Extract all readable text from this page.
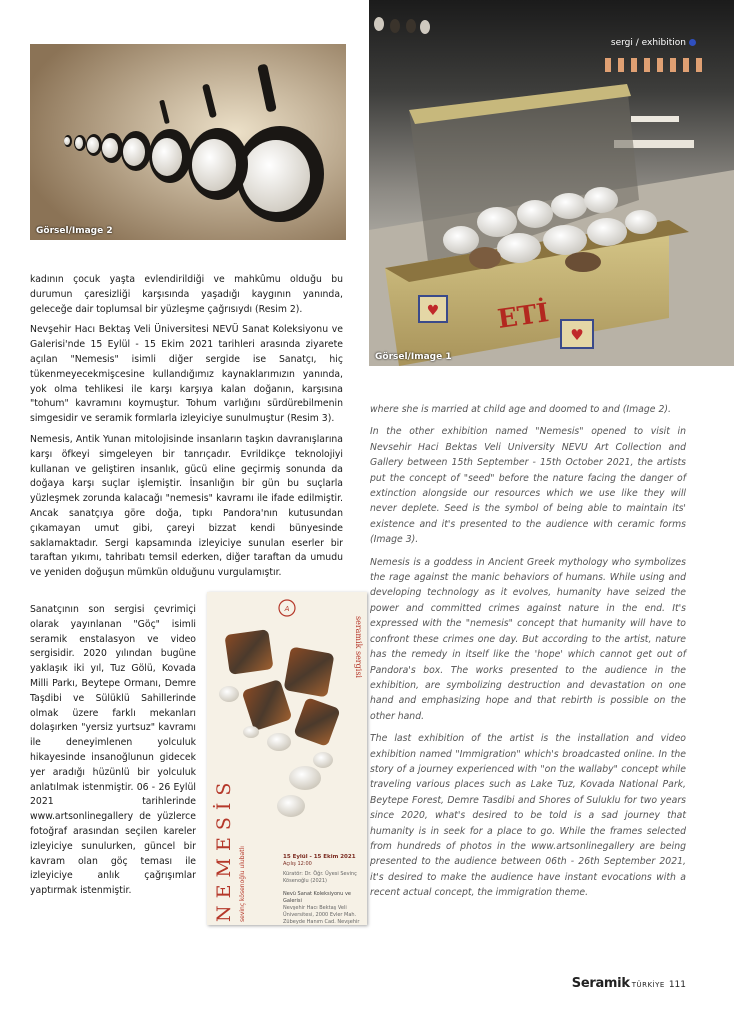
Görsel/Image 2
♥
♥
ETİ
sergi / exhibition
Görsel/Image 1

kadının çocuk yaşta evlendirildiği ve mahkûmu olduğu bu durumun çaresizliği karşısında yaşadığı kaygının yanında, geleceğe dair toplumsal bir yüzleşme çağrısıydı (Resim 2).

Nevşehir Hacı Bektaş Veli Üniversitesi NEVÜ Sanat Koleksiyonu ve Galerisi'nde 15 Eylül - 15 Ekim 2021 tarihleri arasında ziyarete açılan "Nemesis" isimli diğer sergide ise Sanatçı, hiç tükenmeyecekmişcesine kullandığımız kaynaklarımızın yanında, yok olma tehlikesi ile karşı karşıya kalan doğanın, karşısına "tohum" kavramını koymuştur. Tohum varlığını sürdürebilmenin simgesidir ve seramik formlarla izleyiciye sunulmuştur (Resim 3).

Nemesis, Antik Yunan mitolojisinde insanların taşkın davranışlarına karşı öfkeyi simgeleyen bir tanrıçadır. Evrildikçe teknolojiyi kullanan ve geliştiren insanlık, gücü eline geçirmiş sonunda da doğaya karşı suçlar işlemiştir. İnsanlığın bir gün bu suçlarla yüzleşmek zorunda kalacağı "nemesis" kavramı ile ifade edilmiştir. Ancak sanatçıya göre doğa, tıpkı Pandora'nın kutusundan çıkamayan umut gibi, çareyi bizzat kendi bünyesinde saklamaktadır. Sergi kapsamında izleyiciye sunulan eserler bir taraftan yıkımı, tahribatı temsil ederken, diğer taraftan da umudu ve yeniden doğuşun mümkün olduğunu vurgulamıştır.

Sanatçının son sergisi çevrimiçi olarak yayınlanan "Göç" isimli seramik enstalasyon ve video sergisidir. 2020 yılından bugüne yaklaşık iki yıl, Tuz Gölü, Kovada Milli Parkı, Beytepe Ormanı, Demre Taşdibi ve Sülüklü Sahillerinde olmak üzere farklı mekanları dolaşırken "yersiz yurtsuz" kavramı ile deneyimlenen yolculuk hikayesinde insanoğlunun gidecek yer aradığı hüzünlü bir yolculuk anlatılmak istenmiştir. 06 - 26 Eylül 2021 tarihlerinde www.artsonlinegallery de yüzlerce fotoğraf arasından seçilen kareler izleyiciye sunulurken, güncel bir kavram olan göç teması ile izleyiciye anlık çağrışımlar yaptırmak istenmiştir.

A
NEMESİS sevinç kösenoğlu ulubatlı
seramik sergisi
15 Eylül - 15 Ekim 2021
Açılış 12:00
Küratör: Dr. Öğr. Üyesi Sevinç Kösenoğlu (2021)
Nevü Sanat Koleksiyonu ve Galerisi
Nevşehir Hacı Bektaş Veli Üniversitesi, 2000 Evler Mah. Zübeyde Hanım Cad. Nevşehir

where she is married at child age and doomed to and (Image 2).

In the other exhibition named "Nemesis" opened to visit in Nevsehir Haci Bektas Veli University NEVU Art Collection and Gallery between 15th September - 15th October 2021, the artists put the concept of "seed" before the nature facing the danger of extinction alongside our resources which we use like they will never deplete. Seed is the symbol of being able to maintain its' existence and it's presented to the audience with ceramic forms (Image 3).

Nemesis is a goddess in Ancient Greek mythology who symbolizes the rage against the manic behaviors of humans. While using and developing technology as it evolves, humanity have seized the power and committed crimes against nature in the end. It's expressed with the "nemesis" concept that humanity will have to confront these crimes one day. But according to the artist, nature has the remedy in itself like the 'hope' which cannot get out of Pandora's box. The works presented to the audience in the exhibition, are symbolizing destruction and devastation on one hand and emphasizing hope and that rebirth is possible on the other hand.

The last exhibition of the artist is the installation and video exhibition named "Immigration" which's broadcasted online. In the story of a journey experienced with "on the wallaby" concept while traveling various places such as Lake Tuz, Kovada National Park, Beytepe Forest, Demre Tasdibi and Shores of Suluklu for two years since 2020, what's desired to be told is a sad journey that humanity is in seek for a place to go. While the frames selected from hundreds of photos in the www.artsonlinegallery are being presented to the audience between 06th - 26th September 2021, it's desired to make the audience have instant evocations with a recent actual concept, the immigration theme.

Seramik TÜRKİYE 111
